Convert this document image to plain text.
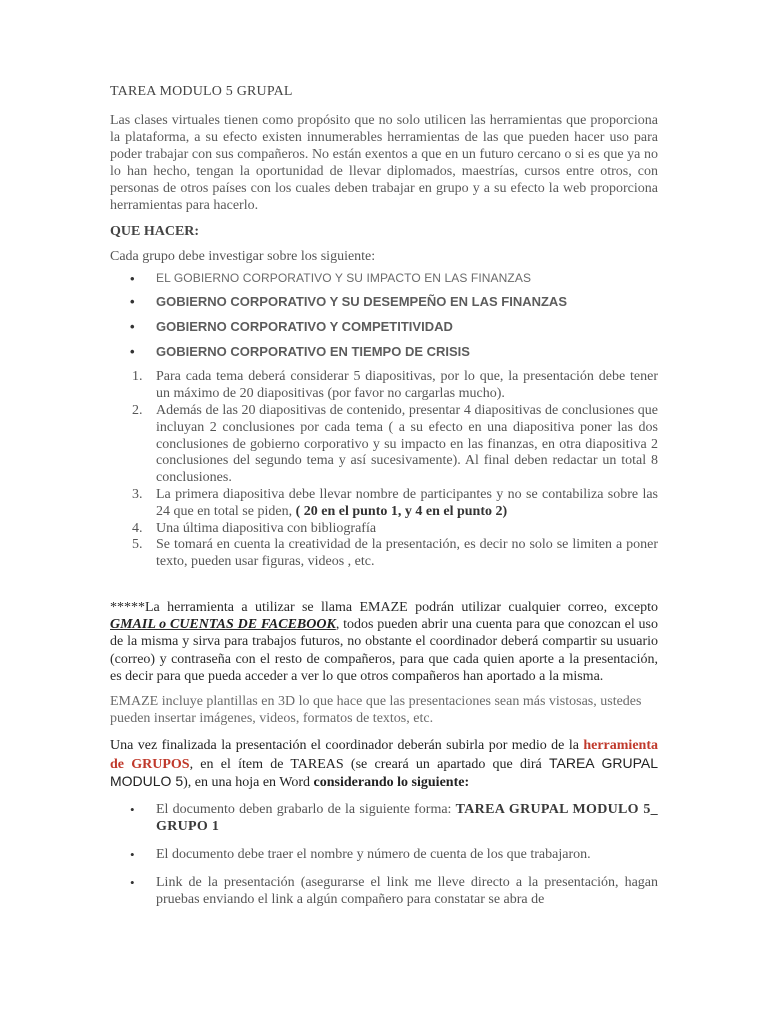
TAREA MODULO 5 GRUPAL

Las clases virtuales tienen como propósito que no solo utilicen las herramientas que proporciona la plataforma, a su efecto existen innumerables herramientas de las que pueden hacer uso para poder trabajar con sus compañeros. No están exentos a que en un futuro cercano o si es que ya no lo han hecho, tengan la oportunidad de llevar diplomados, maestrías, cursos entre otros, con personas de otros países con los cuales deben trabajar en grupo y a su efecto la web proporciona herramientas para hacerlo.

QUE HACER:

Cada grupo debe investigar sobre los siguiente:

• EL GOBIERNO CORPORATIVO Y SU IMPACTO EN LAS FINANZAS
• GOBIERNO CORPORATIVO Y SU DESEMPEÑO EN LAS FINANZAS
• GOBIERNO CORPORATIVO Y COMPETITIVIDAD
• GOBIERNO CORPORATIVO EN TIEMPO DE CRISIS
1. Para cada tema deberá considerar 5 diapositivas, por lo que, la presentación debe tener un máximo de 20 diapositivas (por favor no cargarlas mucho).
2. Además de las 20 diapositivas de contenido, presentar 4 diapositivas de conclusiones que incluyan 2 conclusiones por cada tema ( a su efecto en una diapositiva poner las dos conclusiones de gobierno corporativo y su impacto en las finanzas, en otra diapositiva 2 conclusiones del segundo tema y así sucesivamente). Al final deben redactar un total 8 conclusiones.
3. La primera diapositiva debe llevar nombre de participantes y no se contabiliza sobre las 24 que en total se piden, ( 20 en el punto 1, y 4 en el punto 2)
4. Una última diapositiva con bibliografía
5. Se tomará en cuenta la creatividad de la presentación, es decir no solo se limiten a poner texto, pueden usar figuras, videos , etc.

*****La herramienta a utilizar se llama EMAZE podrán utilizar cualquier correo, excepto GMAIL o CUENTAS DE FACEBOOK, todos pueden abrir una cuenta para que conozcan el uso de la misma y sirva para trabajos futuros, no obstante el coordinador deberá compartir su usuario (correo) y contraseña con el resto de compañeros, para que cada quien aporte a la presentación, es decir para que pueda acceder a ver lo que otros compañeros han aportado a la misma.

EMAZE incluye plantillas en 3D lo que hace que las presentaciones sean más vistosas, ustedes pueden insertar imágenes, videos, formatos de textos, etc.

Una vez finalizada la presentación el coordinador deberán subirla por medio de la herramienta de GRUPOS, en el ítem de TAREAS (se creará un apartado que dirá TAREA GRUPAL MODULO 5), en una hoja en Word considerando lo siguiente:

• El documento deben grabarlo de la siguiente forma: TAREA GRUPAL MODULO 5_ GRUPO 1
• El documento debe traer el nombre y número de cuenta de los que trabajaron.
• Link de la presentación (asegurarse el link me lleve directo a la presentación, hagan pruebas enviando el link a algún compañero para constatar se abra de
